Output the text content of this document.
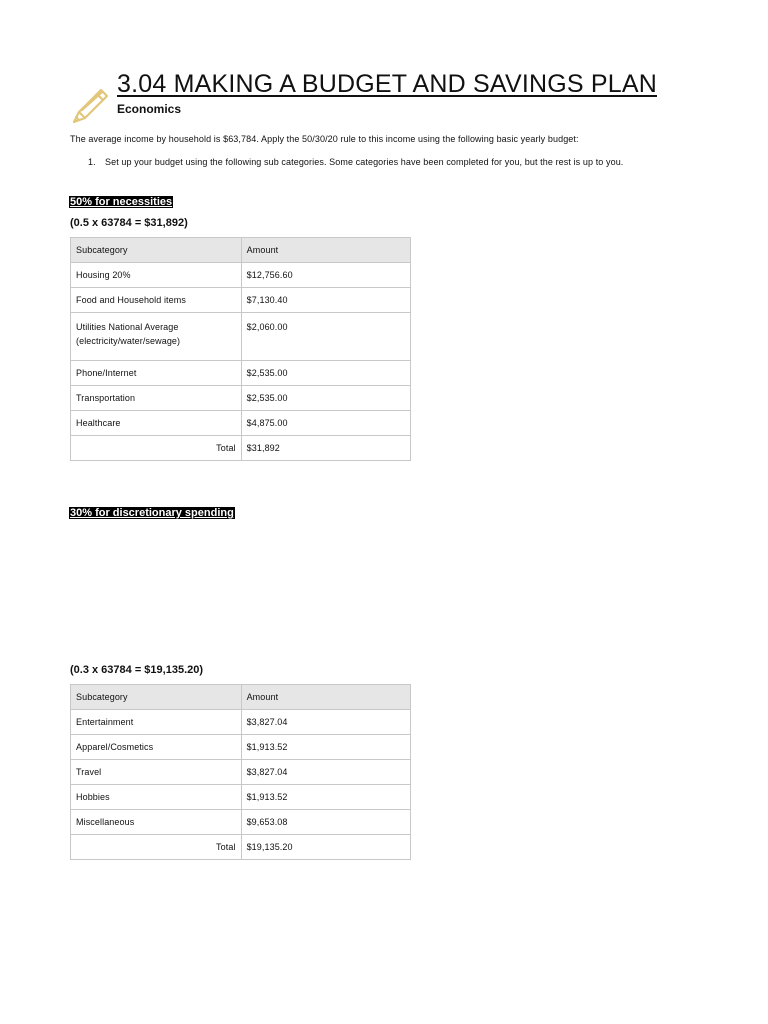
3.04 MAKING A BUDGET AND SAVINGS PLAN
Economics
The average income by household is $63,784. Apply the 50/30/20 rule to this income using the following basic yearly budget:
1. Set up your budget using the following sub categories. Some categories have been completed for you, but the rest is up to you.
50% for necessities
(0.5 x 63784 = $31,892)
Subcategory	Amount
Housing 20%	$12,756.60
Food and Household items	$7,130.40
Utilities National Average (electricity/water/sewage)	$2,060.00
Phone/Internet	$2,535.00
Transportation	$2,535.00
Healthcare	$4,875.00
Total	$31,892
30% for discretionary spending
(0.3 x 63784 = $19,135.20)
Subcategory	Amount
Entertainment	$3,827.04
Apparel/Cosmetics	$1,913.52
Travel	$3,827.04
Hobbies	$1,913.52
Miscellaneous	$9,653.08
Total	$19,135.20
